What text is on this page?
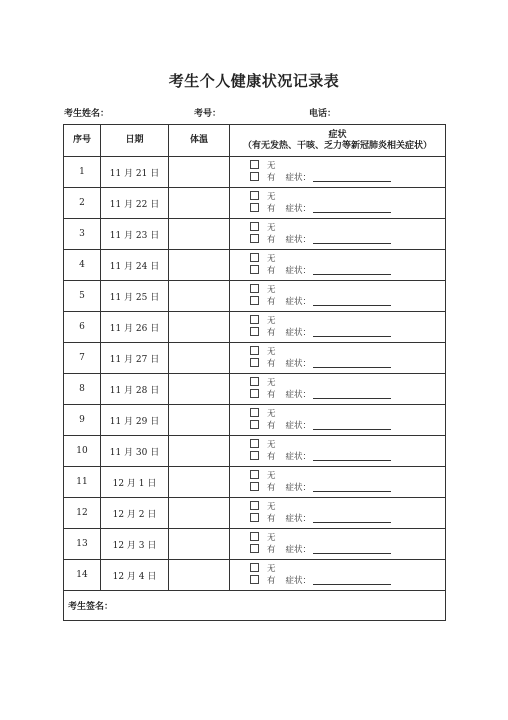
考生个人健康状况记录表
考生姓名：	考号：	电话：
序号	日期	体温	症状
（有无发热、干咳、乏力等新冠肺炎相关症状）

1	11 月 21 日		无
有 症状：

2	11 月 22 日		无
有 症状：

3	11 月 23 日		无
有 症状：

4	11 月 24 日		无
有 症状：

5	11 月 25 日		无
有 症状：

6	11 月 26 日		无
有 症状：

7	11 月 27 日		无
有 症状：

8	11 月 28 日		无
有 症状：

9	11 月 29 日		无
有 症状：

10	11 月 30 日		无
有 症状：

11	12 月 1 日		无
有 症状：

12	12 月 2 日		无
有 症状：

13	12 月 3 日		无
有 症状：

14	12 月 4 日		无
有 症状：

考生签名：			
